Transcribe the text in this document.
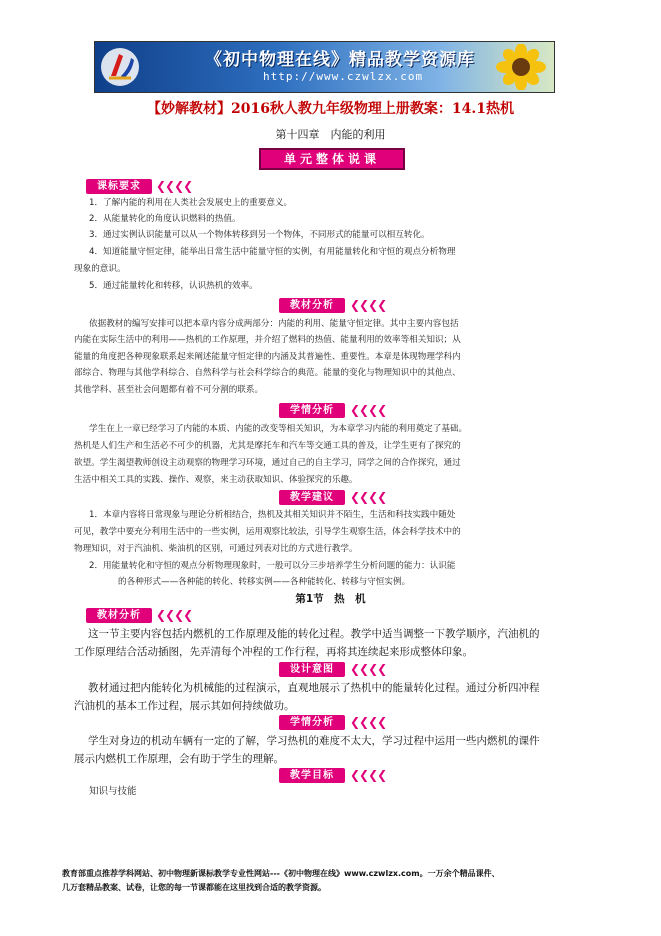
《初中物理在线》精品教学资源库
http://www.czwlzx.com
【妙解教材】2016秋人教九年级物理上册教案：14.1热机
第十四章　内能的利用
单元整体说课
课标要求	❮❮❮❮
1．了解内能的利用在人类社会发展史上的重要意义。
2．从能量转化的角度认识燃料的热值。
3．通过实例认识能量可以从一个物体转移到另一个物体，不同形式的能量可以相互转化。
4．知道能量守恒定律，能举出日常生活中能量守恒的实例，有用能量转化和守恒的观点分析物理
现象的意识。
5．通过能量转化和转移，认识热机的效率。
教材分析	❮❮❮❮
依据教材的编写安排可以把本章内容分成两部分：内能的利用、能量守恒定律。其中主要内容包括
内能在实际生活中的利用——热机的工作原理，并介绍了燃料的热值、能量利用的效率等相关知识；从
能量的角度把各种现象联系起来阐述能量守恒定律的内涵及其普遍性、重要性。本章是体现物理学科内
部综合、物理与其他学科综合、自然科学与社会科学综合的典范。能量的变化与物理知识中的其他点、
其他学科、甚至社会问题都有着不可分割的联系。
学情分析	❮❮❮❮
学生在上一章已经学习了内能的本质、内能的改变等相关知识，为本章学习内能的利用奠定了基础。
热机是人们生产和生活必不可少的机器，尤其是摩托车和汽车等交通工具的普及，让学生更有了探究的
欲望。学生渴望教师创设主动观察的物理学习环境，通过自己的自主学习，同学之间的合作探究，通过
生活中相关工具的实践、操作、观察，来主动获取知识、体验探究的乐趣。
教学建议	❮❮❮❮
1．本章内容将日常现象与理论分析相结合，热机及其相关知识并不陌生，生活和科技实践中随处
可见，教学中要充分利用生活中的一些实例，运用观察比较法，引导学生观察生活，体会科学技术中的
物理知识，对于汽油机、柴油机的区别，可通过列表对比的方式进行教学。
2．用能量转化和守恒的观点分析物理现象时，一般可以分三步培养学生分析问题的能力：认识能
的各种形式——各种能的转化、转移实例——各种能转化、转移与守恒实例。
第1节　热　机
教材分析	❮❮❮❮
这一节主要内容包括内燃机的工作原理及能的转化过程。教学中适当调整一下教学顺序，汽油机的
工作原理结合活动插图，先弄清每个冲程的工作行程，再将其连续起来形成整体印象。
设计意图	❮❮❮❮
教材通过把内能转化为机械能的过程演示，直观地展示了热机中的能量转化过程。通过分析四冲程
汽油机的基本工作过程，展示其如何持续做功。
学情分析	❮❮❮❮
学生对身边的机动车辆有一定的了解，学习热机的难度不太大，学习过程中运用一些内燃机的课件
展示内燃机工作原理，会有助于学生的理解。
教学目标	❮❮❮❮
知识与技能
教育部重点推荐学科网站、初中物理新课标教学专业性网站---《初中物理在线》www.czwlzx.com。一万余个精品课件、
几万套精品教案、试卷，让您的每一节课都能在这里找到合适的教学资源。
